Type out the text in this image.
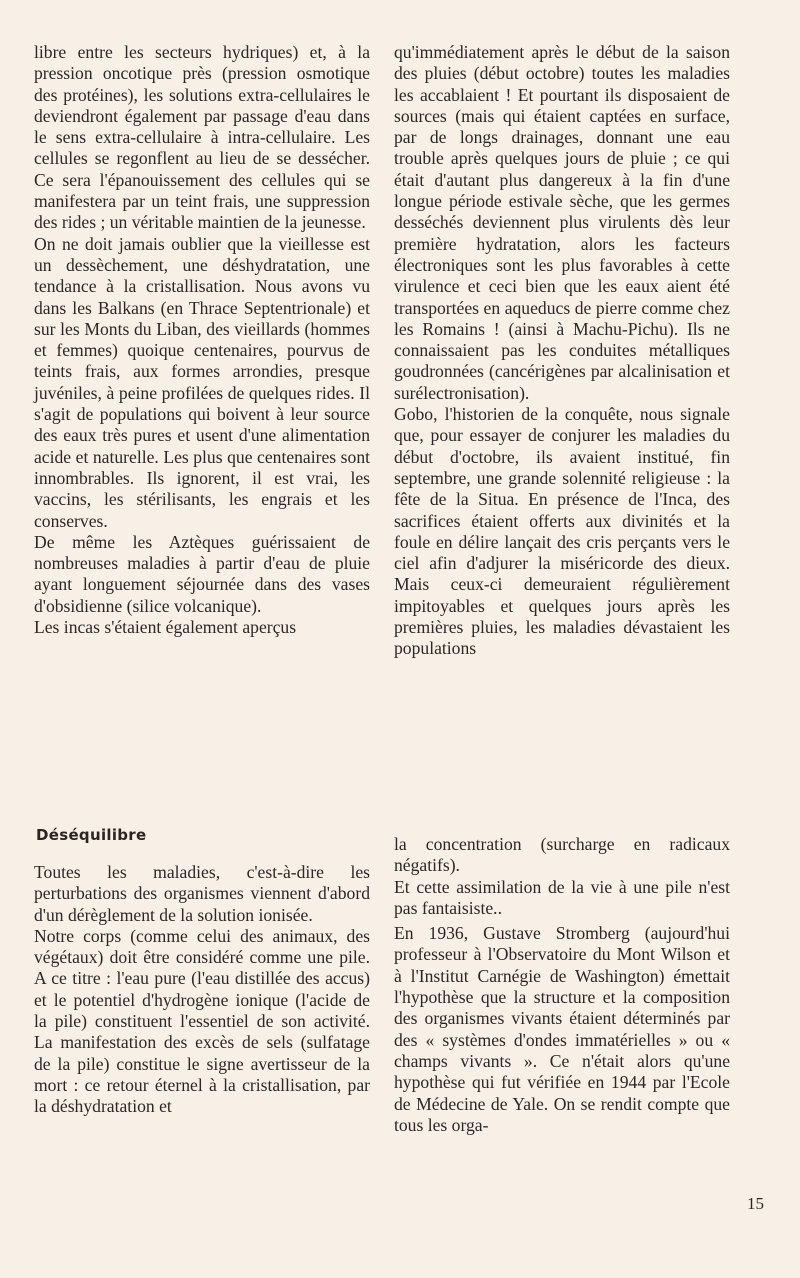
libre entre les secteurs hydriques) et, à la pression oncotique près (pression osmotique des protéines), les solutions extra-cellulaires le deviendront également par passage d'eau dans le sens extra-cellulaire à intra-cellulaire. Les cellules se regonflent au lieu de se dessécher. Ce sera l'épanouissement des cellules qui se manifestera par un teint frais, une suppression des rides ; un véritable maintien de la jeunesse.

On ne doit jamais oublier que la vieillesse est un dessèchement, une déshydratation, une tendance à la cristallisation. Nous avons vu dans les Balkans (en Thrace Septentrionale) et sur les Monts du Liban, des vieillards (hommes et femmes) quoique centenaires, pourvus de teints frais, aux formes arrondies, presque juvéniles, à peine profilées de quelques rides. Il s'agit de populations qui boivent à leur source des eaux très pures et usent d'une alimentation acide et naturelle. Les plus que centenaires sont innombrables. Ils ignorent, il est vrai, les vaccins, les stérilisants, les engrais et les conserves.

De même les Aztèques guérissaient de nombreuses maladies à partir d'eau de pluie ayant longuement séjournée dans des vases d'obsidienne (silice volcanique).

Les incas s'étaient également aperçus

qu'immédiatement après le début de la saison des pluies (début octobre) toutes les maladies les accablaient ! Et pourtant ils disposaient de sources (mais qui étaient captées en surface, par de longs drainages, donnant une eau trouble après quelques jours de pluie ; ce qui était d'autant plus dangereux à la fin d'une longue période estivale sèche, que les germes desséchés deviennent plus virulents dès leur première hydratation, alors les facteurs électroniques sont les plus favorables à cette virulence et ceci bien que les eaux aient été transportées en aqueducs de pierre comme chez les Romains ! (ainsi à Machu-Pichu). Ils ne connaissaient pas les conduites métalliques goudronnées (cancérigènes par alcalinisation et surélectronisation).

Gobo, l'historien de la conquête, nous signale que, pour essayer de conjurer les maladies du début d'octobre, ils avaient institué, fin septembre, une grande solennité religieuse : la fête de la Situa. En présence de l'Inca, des sacrifices étaient offerts aux divinités et la foule en délire lançait des cris perçants vers le ciel afin d'adjurer la miséricorde des dieux. Mais ceux-ci demeuraient régulièrement impitoyables et quelques jours après les premières pluies, les maladies dévastaient les populations

Déséquilibre

Toutes les maladies, c'est-à-dire les perturbations des organismes viennent d'abord d'un dérèglement de la solution ionisée.

Notre corps (comme celui des animaux, des végétaux) doit être considéré comme une pile. A ce titre : l'eau pure (l'eau distillée des accus) et le potentiel d'hydrogène ionique (l'acide de la pile) constituent l'essentiel de son activité. La manifestation des excès de sels (sulfatage de la pile) constitue le signe avertisseur de la mort : ce retour éternel à la cristallisation, par la déshydratation et

la concentration (surcharge en radicaux négatifs).

Et cette assimilation de la vie à une pile n'est pas fantaisiste..

En 1936, Gustave Stromberg (aujourd'hui professeur à l'Observatoire du Mont Wilson et à l'Institut Carnégie de Washington) émettait l'hypothèse que la structure et la composition des organismes vivants étaient déterminés par des « systèmes d'ondes immatérielles » ou « champs vivants ». Ce n'était alors qu'une hypothèse qui fut vérifiée en 1944 par l'Ecole de Médecine de Yale. On se rendit compte que tous les orga-

15
